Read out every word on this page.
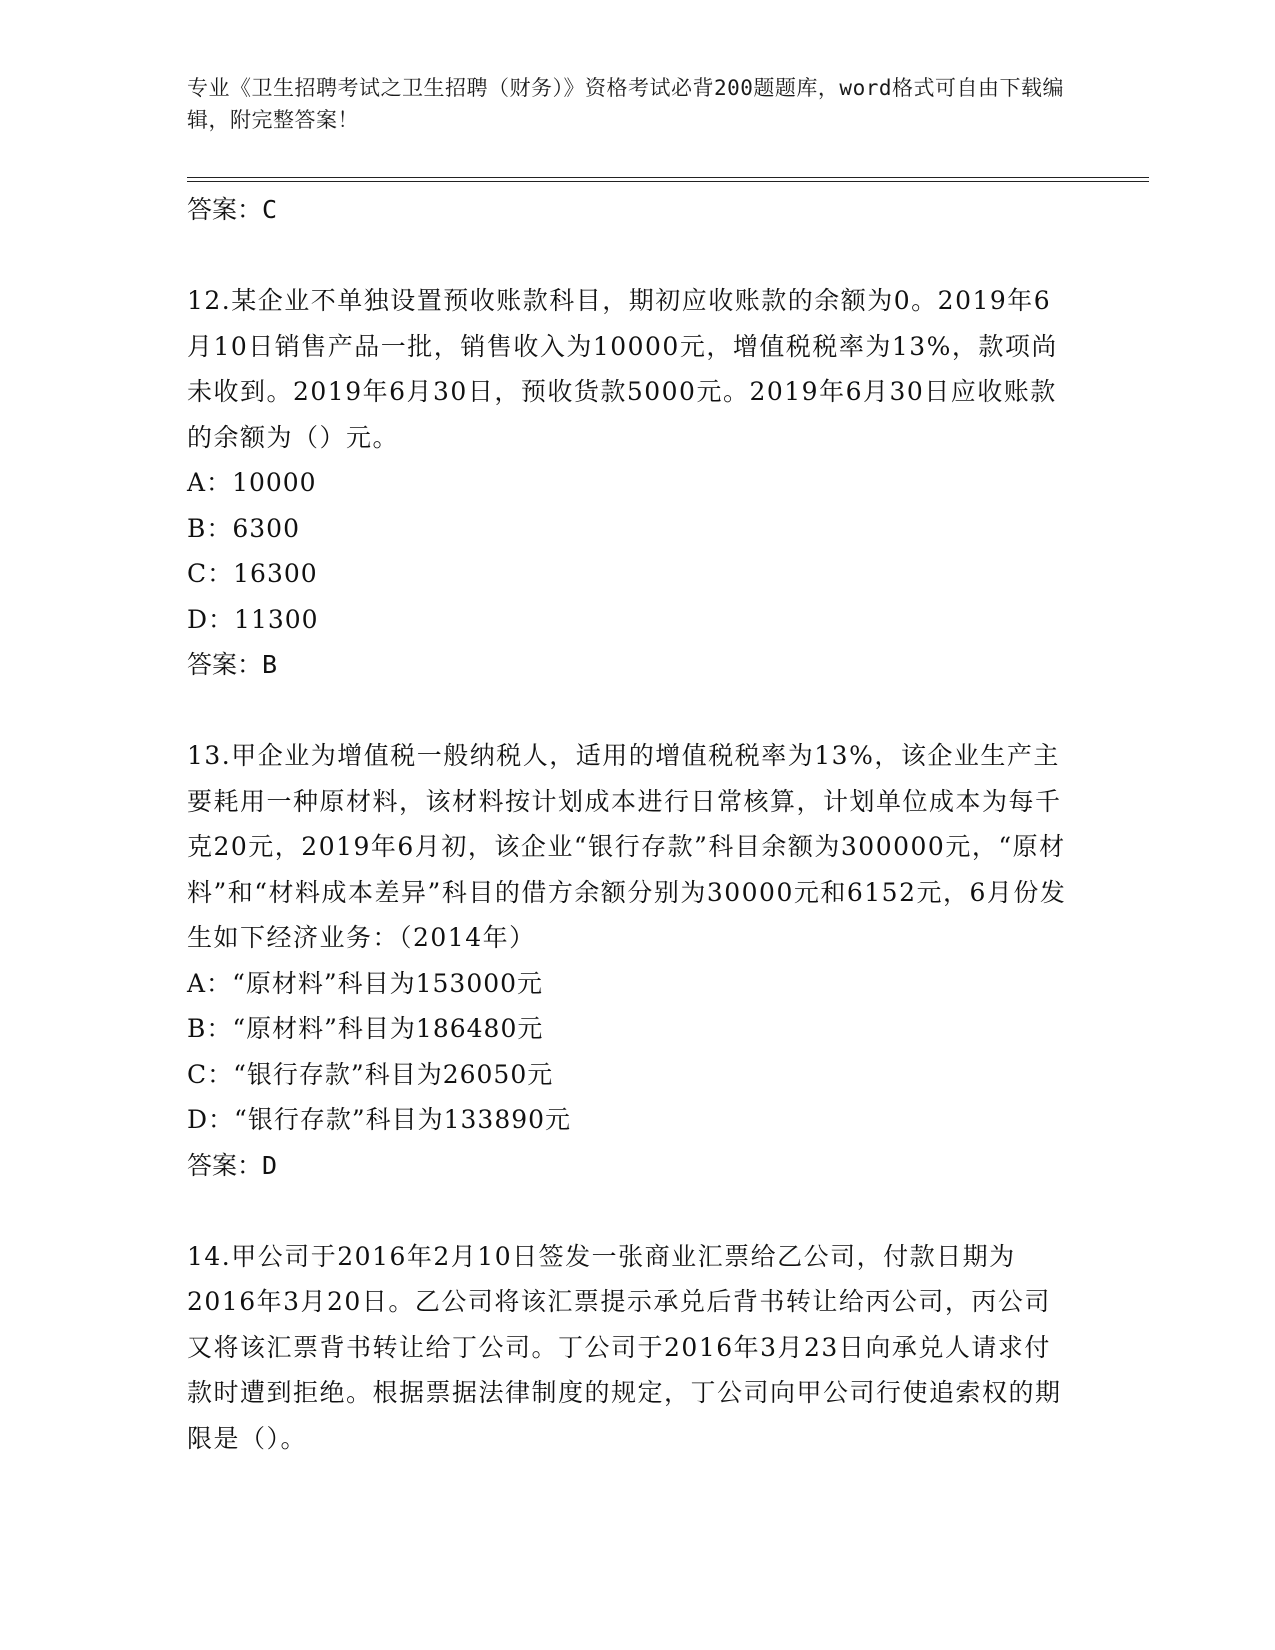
专业《卫生招聘考试之卫生招聘（财务）》资格考试必背200题题库，word格式可自由下载编辑，附完整答案！
答案：C
12.某企业不单独设置预收账款科目，期初应收账款的余额为0。2019年6月10日销售产品一批，销售收入为10000元，增值税税率为13%，款项尚未收到。2019年6月30日，预收货款5000元。2019年6月30日应收账款的余额为（）元。
A：10000
B：6300
C：16300
D：11300
答案：B
13.甲企业为增值税一般纳税人，适用的增值税税率为13%，该企业生产主要耗用一种原材料，该材料按计划成本进行日常核算，计划单位成本为每千克20元，2019年6月初，该企业“银行存款”科目余额为300000元，“原材料”和“材料成本差异”科目的借方余额分别为30000元和6152元，6月份发生如下经济业务：（2014年）
A：“原材料”科目为153000元
B：“原材料”科目为186480元
C：“银行存款”科目为26050元
D：“银行存款”科目为133890元
答案：D
14.甲公司于2016年2月10日签发一张商业汇票给乙公司，付款日期为2016年3月20日。乙公司将该汇票提示承兑后背书转让给丙公司，丙公司又将该汇票背书转让给丁公司。丁公司于2016年3月23日向承兑人请求付款时遭到拒绝。根据票据法律制度的规定，丁公司向甲公司行使追索权的期限是（）。
